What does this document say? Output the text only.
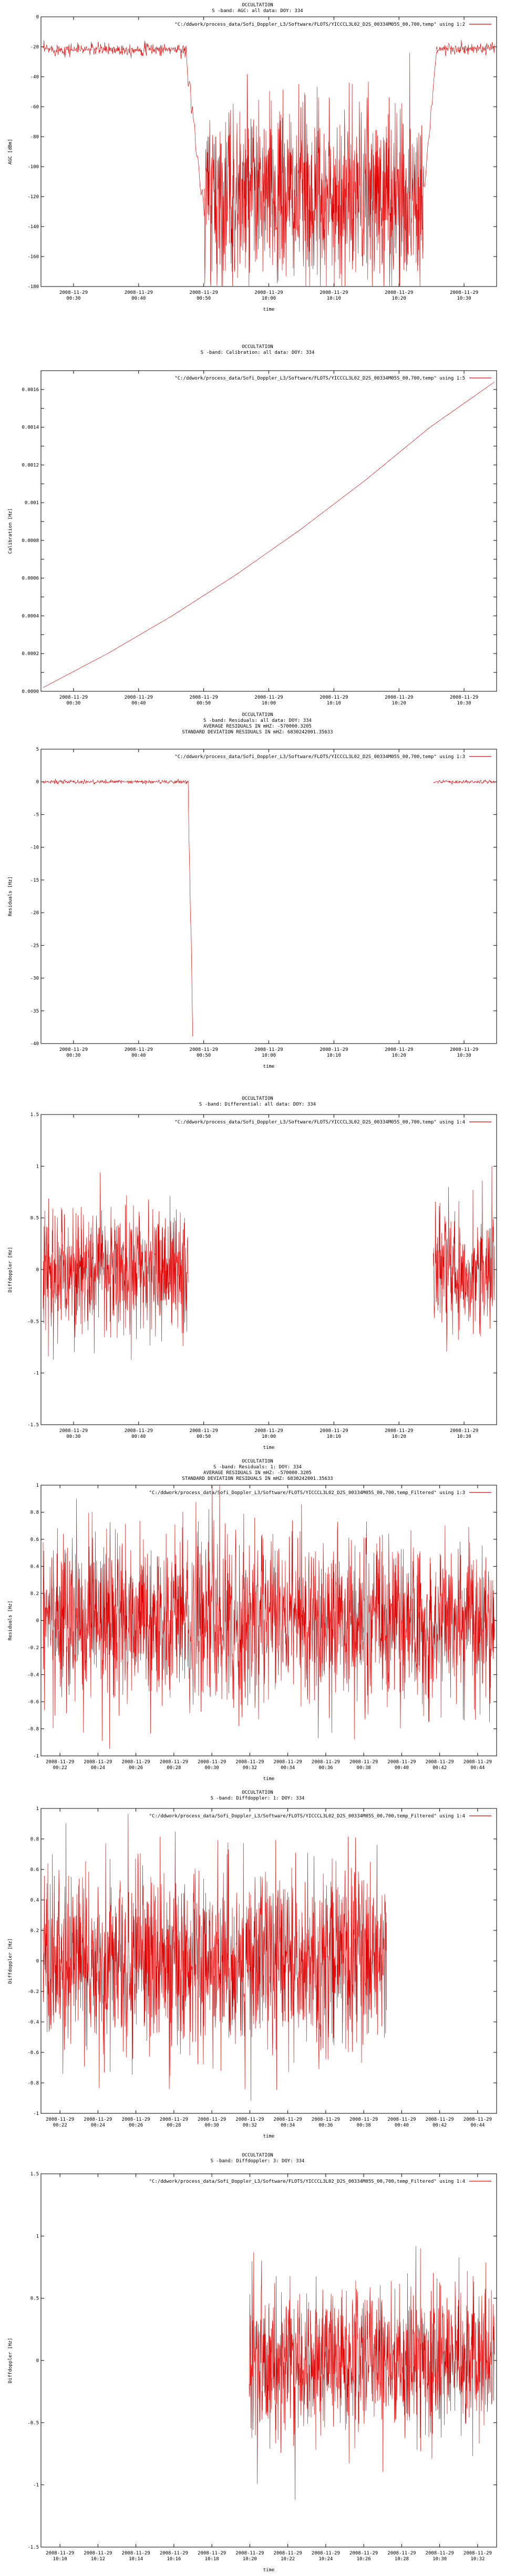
OCCULTATION
S -band: AGC: all data: DOY: 334
-180
-160
-140
-120
-100
-80
-60
-40
-20
0
2008-11-29
00:30
2008-11-29
00:40
2008-11-29
00:50
2008-11-29
10:00
2008-11-29
10:10
2008-11-29
10:20
2008-11-29
10:30
time
AGC [dBm]
"C:/ddwork/process_data/Sofi_Doppler_L3/Software/FLOTS/YICCCL3L02_D2S_00334M05S_00,700,temp" using 1:2
OCCULTATION
S -band: Calibration: all data: DOY: 334
0.0000
0.0002
0.0004
0.0006
0.0008
0.001
0.0012
0.0014
0.0016
2008-11-29
00:30
2008-11-29
00:40
2008-11-29
00:50
2008-11-29
10:00
2008-11-29
10:10
2008-11-29
10:20
2008-11-29
10:30
Calibration [Hz]
"C:/ddwork/process_data/Sofi_Doppler_L3/Software/FLOTS/YICCCL3L02_D2S_00334M05S_00,700,temp" using 1:5
OCCULTATION
S -band: Residuals: all data: DOY: 334
AVERAGE RESIDUALS IN mHZ: -570000.3205
STANDARD DEVIATION RESIDUALS IN mHZ: 6830242001.35633
-40
-35
-30
-25
-20
-15
-10
-5
0
5
2008-11-29
00:30
2008-11-29
00:40
2008-11-29
00:50
2008-11-29
10:00
2008-11-29
10:10
2008-11-29
10:20
2008-11-29
10:30
time
Residuals [Hz]
"C:/ddwork/process_data/Sofi_Doppler_L3/Software/FLOTS/YICCCL3L02_D2S_00334M05S_00,700,temp" using 1:3
OCCULTATION
S -band: Differential: all data: DOY: 334
-1.5
-1
-0.5
0
0.5
1
1.5
2008-11-29
00:30
2008-11-29
00:40
2008-11-29
00:50
2008-11-29
10:00
2008-11-29
10:10
2008-11-29
10:20
2008-11-29
10:30
time
Diffdoppler [Hz]
"C:/ddwork/process_data/Sofi_Doppler_L3/Software/FLOTS/YICCCL3L02_D2S_00334M05S_00,700,temp" using 1:4
OCCULTATION
S -band: Residuals: 1: DOY: 334
AVERAGE RESIDUALS IN mHZ: -570000.3205
STANDARD DEVIATION RESIDUALS IN mHZ: 6830242001.35633
-1
-0.8
-0.6
-0.4
-0.2
0
0.2
0.4
0.6
0.8
1
2008-11-29
00:22
2008-11-29
00:24
2008-11-29
00:26
2008-11-29
00:28
2008-11-29
00:30
2008-11-29
00:32
2008-11-29
00:34
2008-11-29
00:36
2008-11-29
00:38
2008-11-29
00:40
2008-11-29
00:42
2008-11-29
00:44
time
Residuals [Hz]
"C:/ddwork/process_data/Sofi_Doppler_L3/Software/FLOTS/YICCCL3L02_D2S_00334M05S_00,700,temp_Filtered" using 1:3
OCCULTATION
S -band: Diffdoppler: 1: DOY: 334
-1
-0.8
-0.6
-0.4
-0.2
0
0.2
0.4
0.6
0.8
1
2008-11-29
00:22
2008-11-29
00:24
2008-11-29
00:26
2008-11-29
00:28
2008-11-29
00:30
2008-11-29
00:32
2008-11-29
00:34
2008-11-29
00:36
2008-11-29
00:38
2008-11-29
00:40
2008-11-29
00:42
2008-11-29
00:44
time
Diffdoppler [Hz]
"C:/ddwork/process_data/Sofi_Doppler_L3/Software/FLOTS/YICCCL3L02_D2S_00334M05S_00,700,temp_Filtered" using 1:4
OCCULTATION
S -band: Diffdoppler: 3: DOY: 334
-1.5
-1
-0.5
0
0.5
1
1.5
2008-11-29
10:10
2008-11-29
10:12
2008-11-29
10:14
2008-11-29
10:16
2008-11-29
10:18
2008-11-29
10:20
2008-11-29
10:22
2008-11-29
10:24
2008-11-29
10:26
2008-11-29
10:28
2008-11-29
10:30
2008-11-29
10:32
time
Diffdoppler [Hz]
"C:/ddwork/process_data/Sofi_Doppler_L3/Software/FLOTS/YICCCL3L02_D2S_00334M05S_00,700,temp_Filtered" using 1:4
